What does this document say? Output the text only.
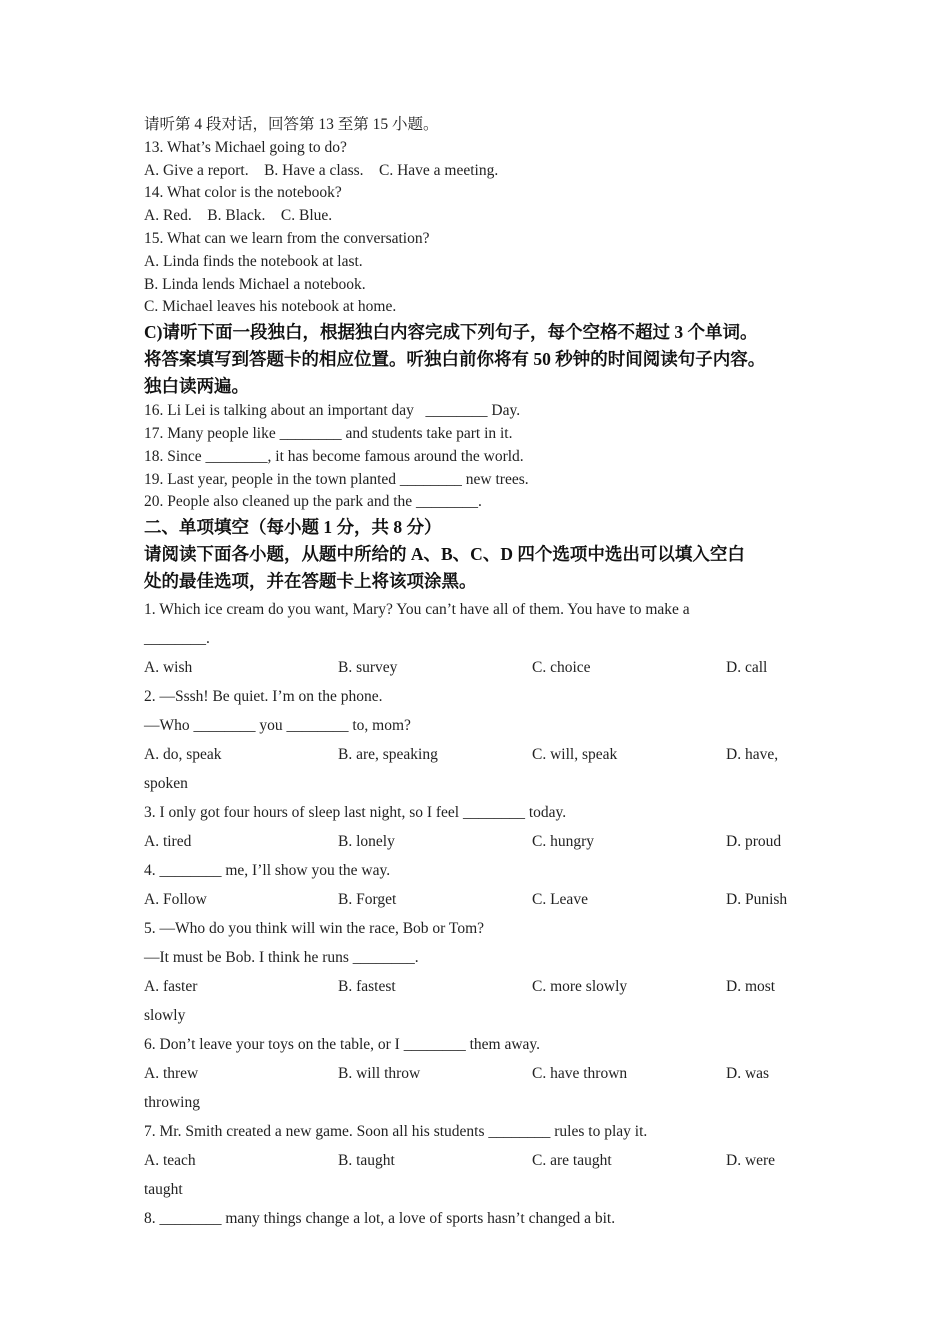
请听第 4 段对话，回答第 13 至第 15 小题。
13. What’s Michael going to do?
A. Give a report.    B. Have a class.    C. Have a meeting.
14. What color is the notebook?
A. Red.    B. Black.    C. Blue.
15. What can we learn from the conversation?
A. Linda finds the notebook at last.
B. Linda lends Michael a notebook.
C. Michael leaves his notebook at home.
C)请听下面一段独白，根据独白内容完成下列句子，每个空格不超过 3 个单词。
将答案填写到答题卡的相应位置。听独白前你将有 50 秒钟的时间阅读句子内容。
独白读两遍。
16. Li Lei is talking about an important day   ________ Day.
17. Many people like ________ and students take part in it.
18. Since ________, it has become famous around the world.
19. Last year, people in the town planted ________ new trees.
20. People also cleaned up the park and the ________.
二、单项填空（每小题 1 分，共 8 分）
请阅读下面各小题，从题中所给的 A、B、C、D 四个选项中选出可以填入空白
处的最佳选项，并在答题卡上将该项涂黑。
1. Which ice cream do you want, Mary? You can’t have all of them. You have to make a
________.
A. wish	B. survey	C. choice	D. call
2. —Sssh! Be quiet. I’m on the phone.
—Who ________ you ________ to, mom?
A. do, speak	B. are, speaking	C. will, speak	D. have,
spoken
3. I only got four hours of sleep last night, so I feel ________ today.
A. tired	B. lonely	C. hungry	D. proud
4. ________ me, I’ll show you the way.
A. Follow	B. Forget	C. Leave	D. Punish
5. —Who do you think will win the race, Bob or Tom?
—It must be Bob. I think he runs ________.
A. faster	B. fastest	C. more slowly	D. most
slowly
6. Don’t leave your toys on the table, or I ________ them away.
A. threw	B. will throw	C. have thrown	D. was
throwing
7. Mr. Smith created a new game. Soon all his students ________ rules to play it.
A. teach	B. taught	C. are taught	D. were
taught
8. ________ many things change a lot, a love of sports hasn’t changed a bit.
